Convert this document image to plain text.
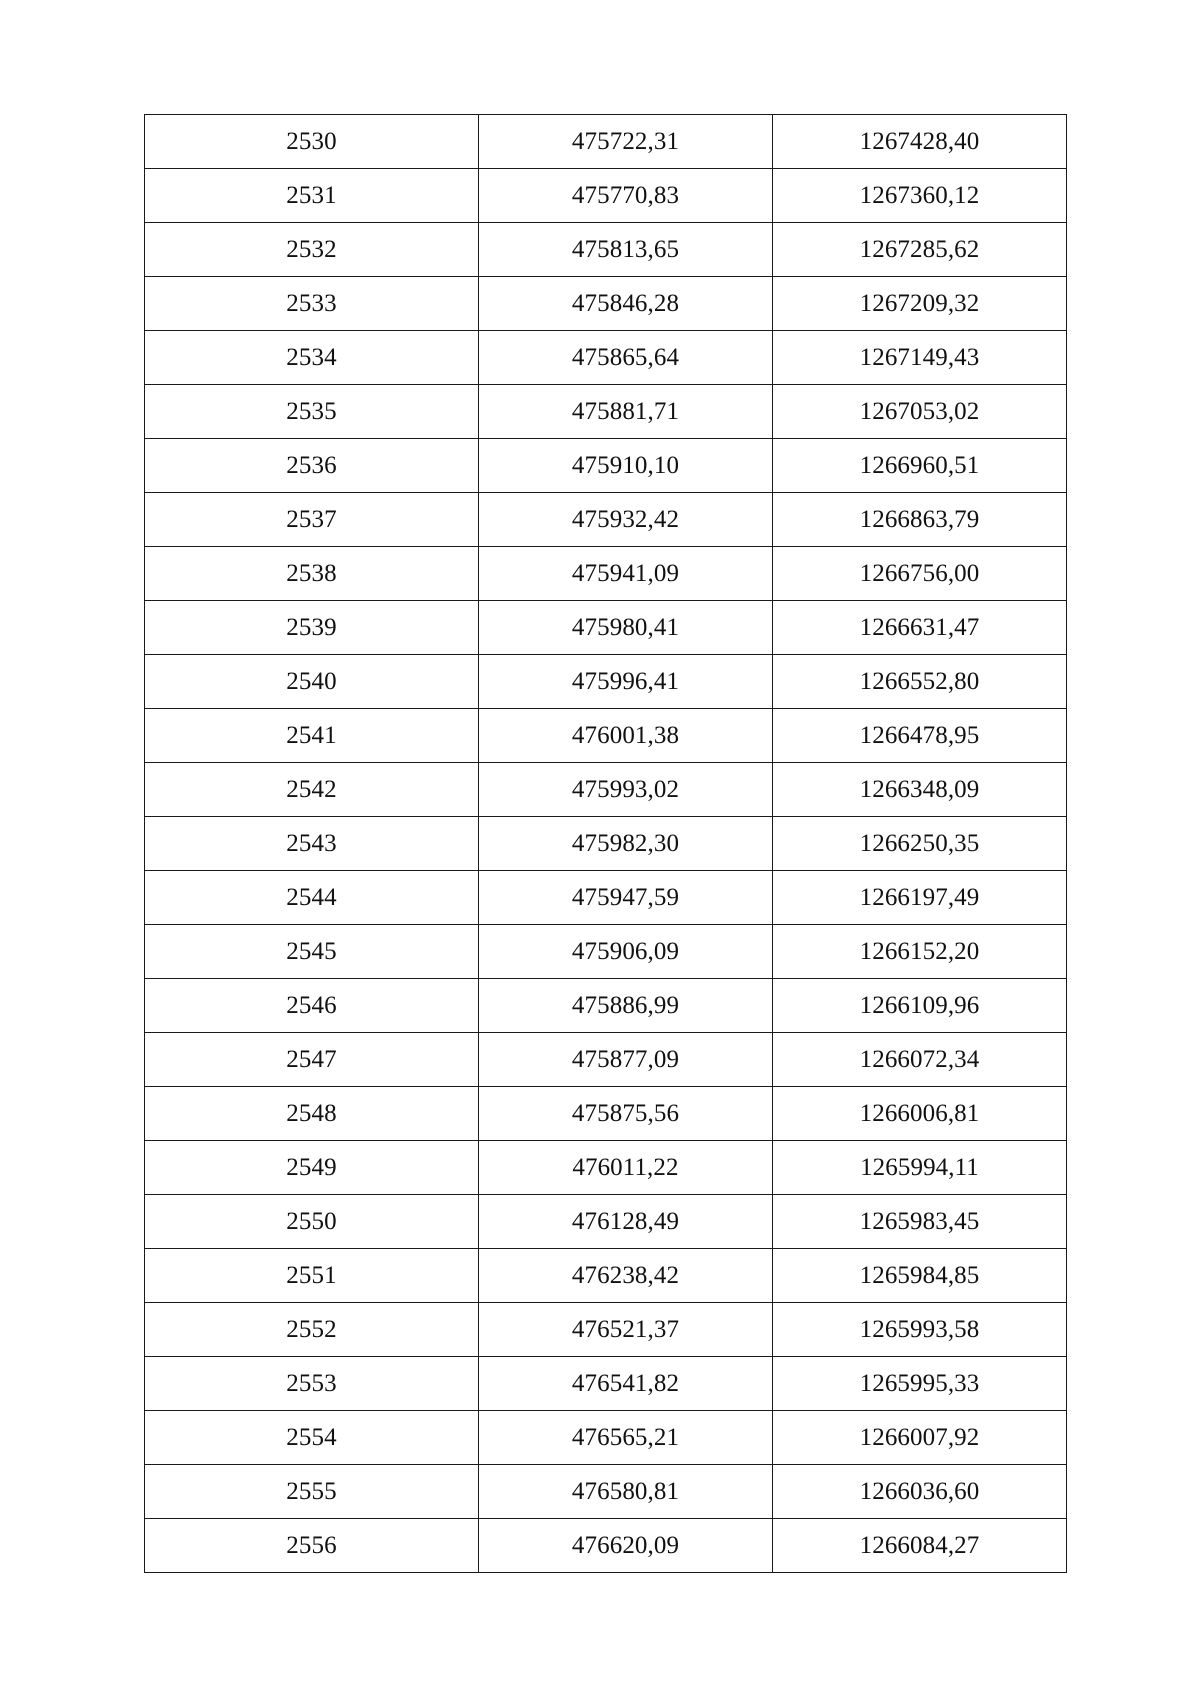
2530	475722,31	1267428,40
2531	475770,83	1267360,12
2532	475813,65	1267285,62
2533	475846,28	1267209,32
2534	475865,64	1267149,43
2535	475881,71	1267053,02
2536	475910,10	1266960,51
2537	475932,42	1266863,79
2538	475941,09	1266756,00
2539	475980,41	1266631,47
2540	475996,41	1266552,80
2541	476001,38	1266478,95
2542	475993,02	1266348,09
2543	475982,30	1266250,35
2544	475947,59	1266197,49
2545	475906,09	1266152,20
2546	475886,99	1266109,96
2547	475877,09	1266072,34
2548	475875,56	1266006,81
2549	476011,22	1265994,11
2550	476128,49	1265983,45
2551	476238,42	1265984,85
2552	476521,37	1265993,58
2553	476541,82	1265995,33
2554	476565,21	1266007,92
2555	476580,81	1266036,60
2556	476620,09	1266084,27
